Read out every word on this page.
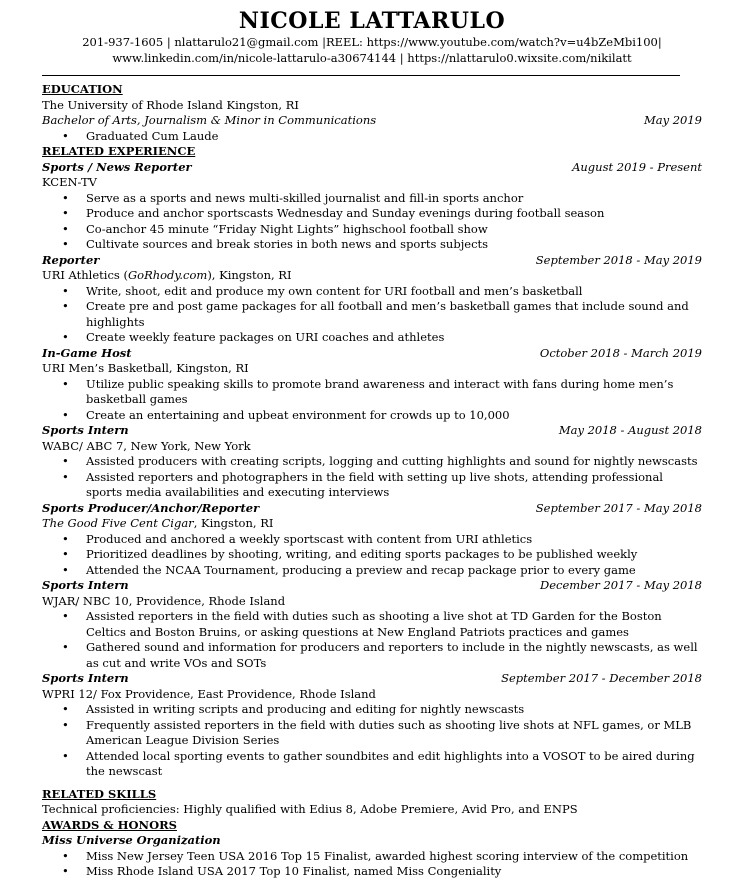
NICOLE LATTARULO
201-937-1605 | nlattarulo21@gmail.com |REEL: https://www.youtube.com/watch?v=u4bZeMbi100|
www.linkedin.com/in/nicole-lattarulo-a30674144 | https://nlattarulo0.wixsite.com/nikilatt
EDUCATION
The University of Rhode Island Kingston, RI
Bachelor of Arts, Journalism & Minor in Communications	May 2019
• Graduated Cum Laude
RELATED EXPERIENCE
Sports / News Reporter	August 2019 - Present
KCEN-TV
• Serve as a sports and news multi-skilled journalist and fill-in sports anchor
• Produce and anchor sportscasts Wednesday and Sunday evenings during football season
• Co-anchor 45 minute “Friday Night Lights” highschool football show
• Cultivate sources and break stories in both news and sports subjects
Reporter	September 2018 - May 2019
URI Athletics (GoRhody.com), Kingston, RI
• Write, shoot, edit and produce my own content for URI football and men’s basketball
• Create pre and post game packages for all football and men’s basketball games that include sound and highlights
• Create weekly feature packages on URI coaches and athletes
In-Game Host	October 2018 - March 2019
URI Men’s Basketball, Kingston, RI
• Utilize public speaking skills to promote brand awareness and interact with fans during home men’s basketball games
• Create an entertaining and upbeat environment for crowds up to 10,000
Sports Intern	May 2018 - August 2018
WABC/ ABC 7, New York, New York
• Assisted producers with creating scripts, logging and cutting highlights and sound for nightly newscasts
• Assisted reporters and photographers in the field with setting up live shots, attending professional sports media availabilities and executing interviews
Sports Producer/Anchor/Reporter	September 2017 - May 2018
The Good Five Cent Cigar, Kingston, RI
• Produced and anchored a weekly sportscast with content from URI athletics
• Prioritized deadlines by shooting, writing, and editing sports packages to be published weekly
• Attended the NCAA Tournament, producing a preview and recap package prior to every game
Sports Intern	December 2017 - May 2018
WJAR/ NBC 10, Providence, Rhode Island
• Assisted reporters in the field with duties such as shooting a live shot at TD Garden for the Boston Celtics and Boston Bruins, or asking questions at New England Patriots practices and games
• Gathered sound and information for producers and reporters to include in the nightly newscasts, as well as cut and write VOs and SOTs
Sports Intern	September 2017 - December 2018
WPRI 12/ Fox Providence, East Providence, Rhode Island
• Assisted in writing scripts and producing and editing for nightly newscasts
• Frequently assisted reporters in the field with duties such as shooting live shots at NFL games, or MLB American League Division Series
• Attended local sporting events to gather soundbites and edit highlights into a VOSOT to be aired during the newscast
RELATED SKILLS
Technical proficiencies: Highly qualified with Edius 8, Adobe Premiere, Avid Pro, and ENPS
AWARDS & HONORS
Miss Universe Organization
• Miss New Jersey Teen USA 2016 Top 15 Finalist, awarded highest scoring interview of the competition
• Miss Rhode Island USA 2017 Top 10 Finalist, named Miss Congeniality
